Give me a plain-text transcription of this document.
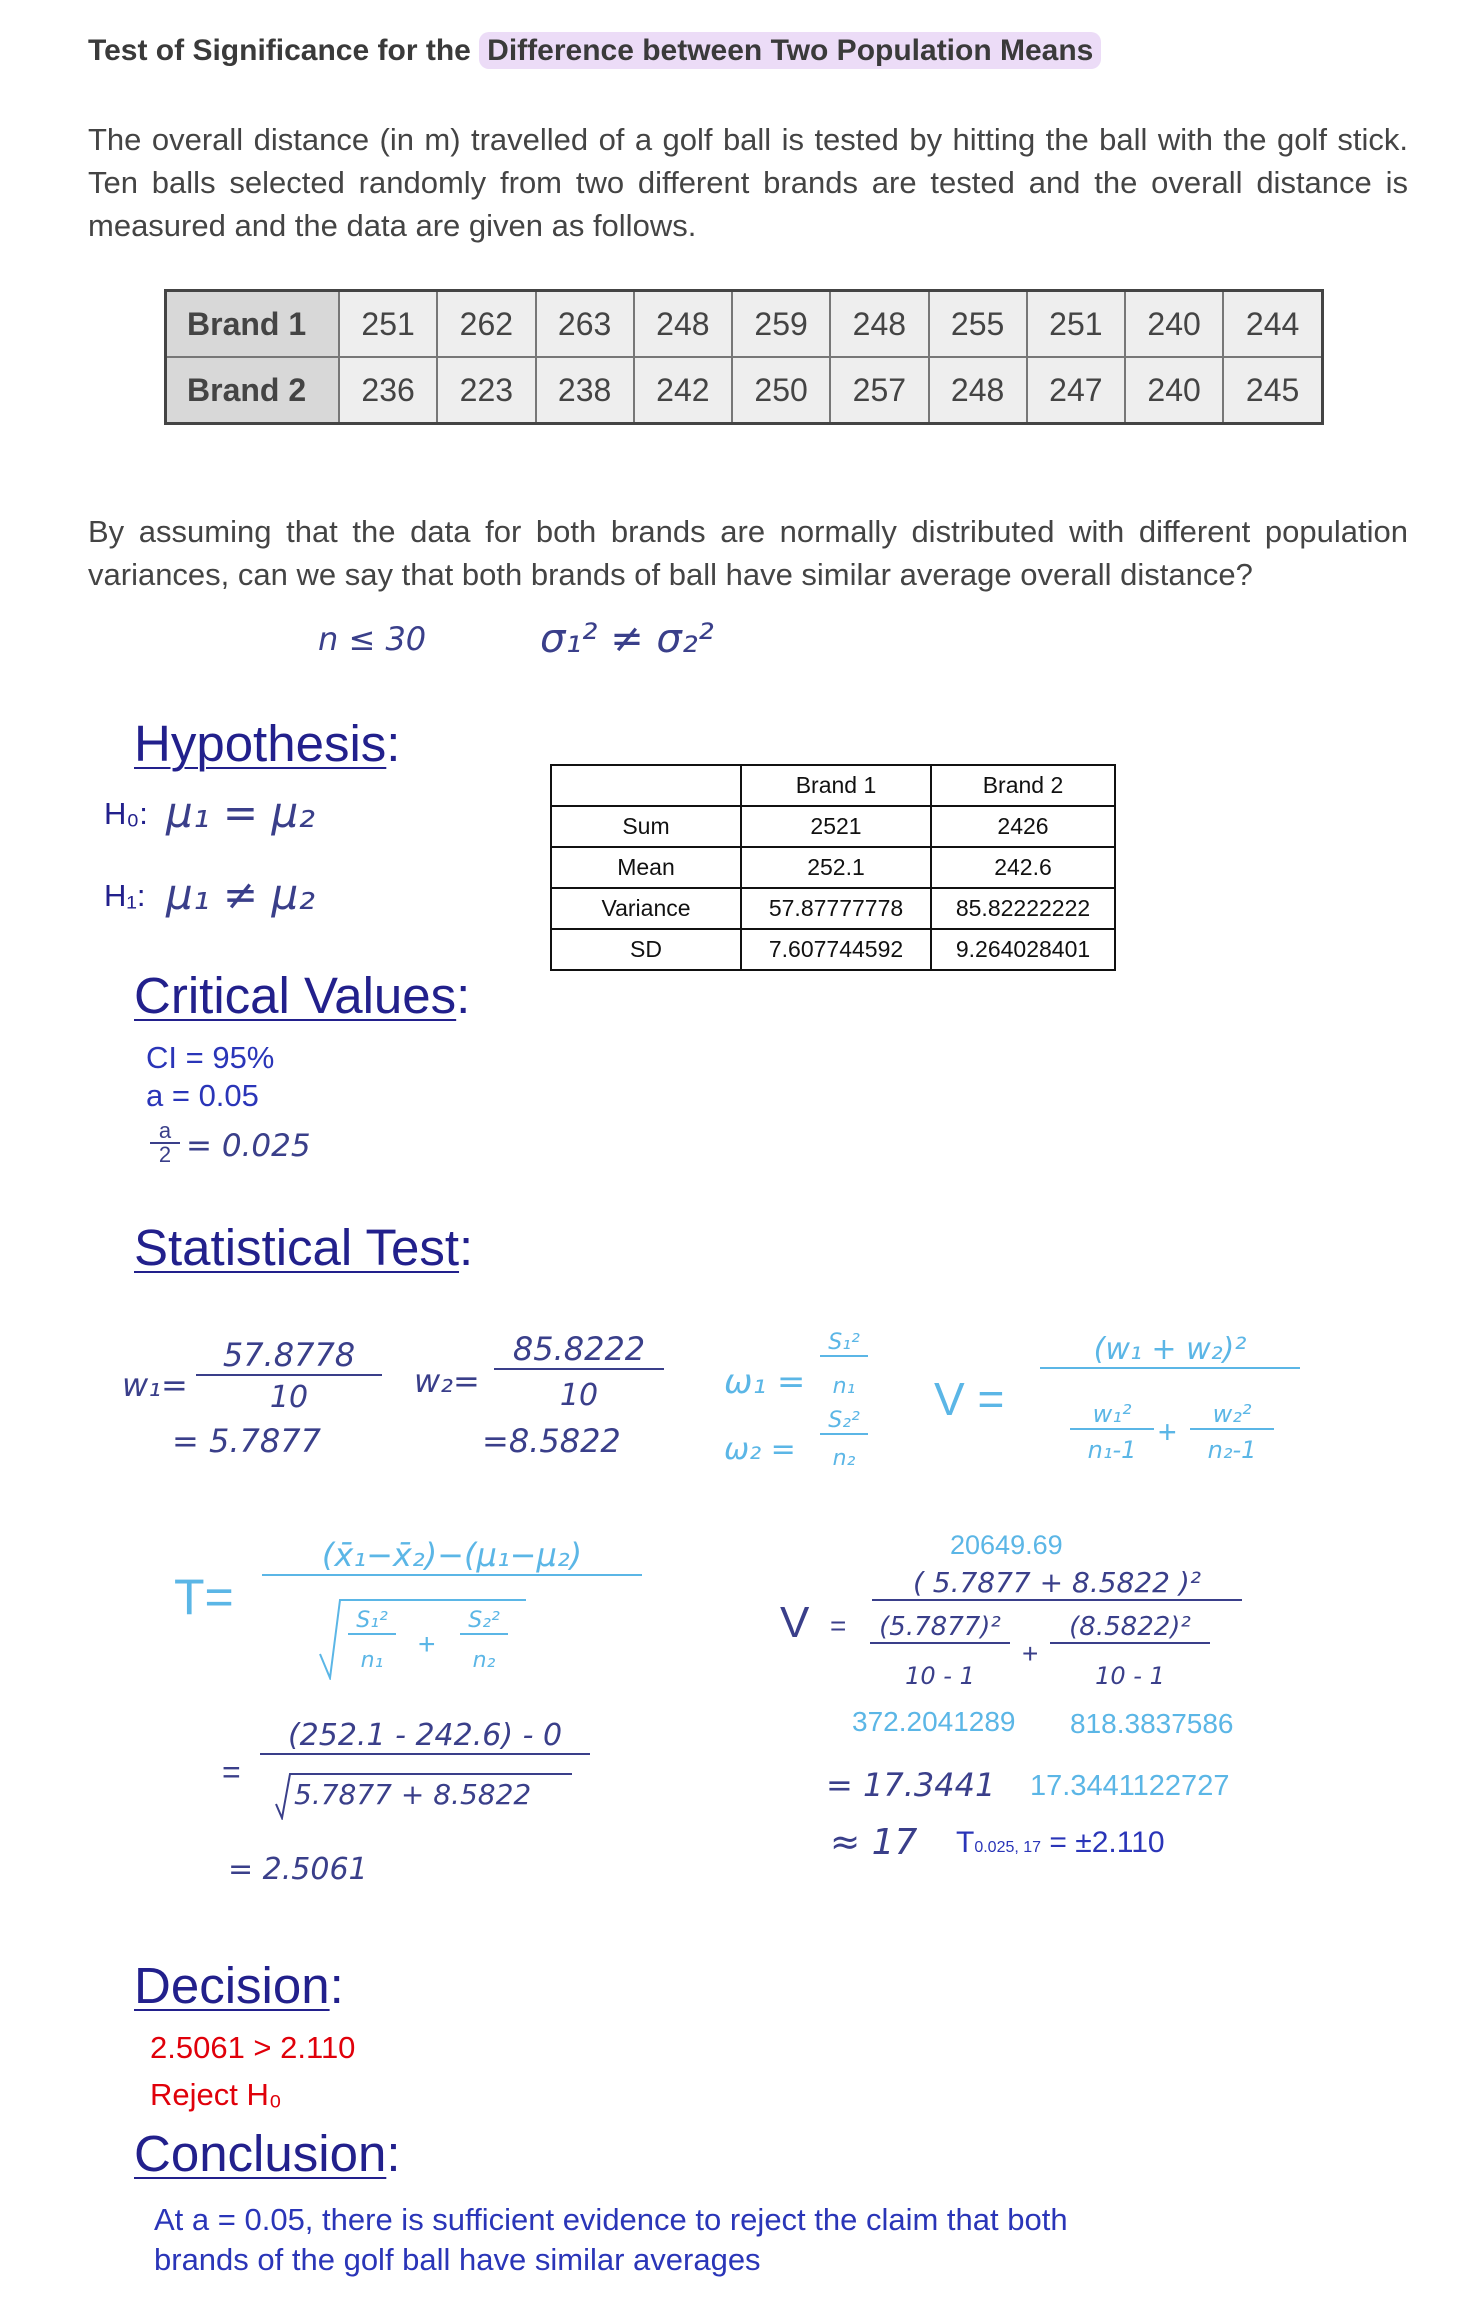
Test of Significance for the Difference between Two Population Means
The overall distance (in m) travelled of a golf ball is tested by hitting the ball with the golf stick. Ten balls selected randomly from two different brands are tested and the overall distance is measured and the data are given as follows.
Brand 1	251	262	263	248	259	248	255	251	240	244
Brand 2	236	223	238	242	250	257	248	247	240	245
By assuming that the data for both brands are normally distributed with different population variances, can we say that both brands of ball have similar average overall distance?
n ≤ 30	σ₁² ≠ σ₂²
Hypothesis:
H₀: μ₁ = μ₂
H₁: μ₁ ≠ μ₂
	Brand 1	Brand 2
Sum	2521	2426
Mean	252.1	242.6
Variance	57.87777778	85.82222222
SD	7.607744592	9.264028401
Critical Values:
CI = 95%
a = 0.05
a
2 = 0.025
Statistical Test:
w₁=
57.8778
10
= 5.7877
w₂=
85.8222
10
=8.5822
ω₁ =
S₁²
n₁
ω₂ =
S₂²
n₂
V =
(w₁ + w₂)²
w₁²
n₁-1 +	w₂²
n₂-1
T=
(x̄₁−x̄₂)−(μ₁−μ₂)
S₁²
n₁	+
S₂²
n₂
=
(252.1 - 242.6) - 0
5.7877 + 8.5822
= 2.5061
20649.69
V =
( 5.7877 + 8.5822 )²
(5.7877)²
10 - 1
+
(8.5822)²
10 - 1
372.2041289 818.3837586
= 17.3441 17.3441122727
≈ 17 T0.025, 17 = ±2.110
Decision:
2.5061 > 2.110
Reject H₀
Conclusion:
At a = 0.05, there is sufficient evidence to reject the claim that both
brands of the golf ball have similar averages
